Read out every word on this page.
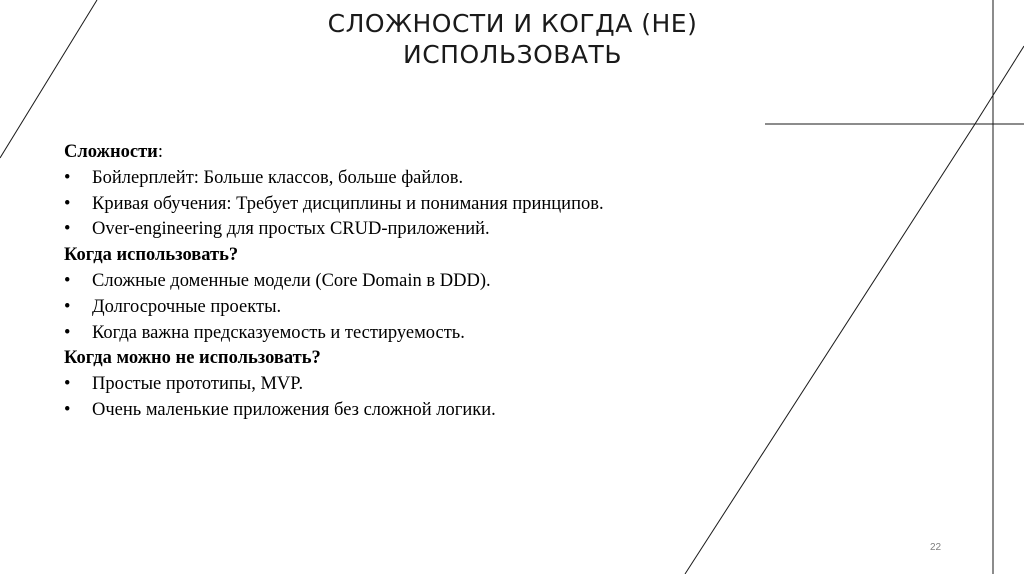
СЛОЖНОСТИ И КОГДА (НЕ)
ИСПОЛЬЗОВАТЬ
Сложности:
•	Бойлерплейт: Больше классов, больше файлов.
•	Кривая обучения: Требует дисциплины и понимания принципов.
•	Over-engineering для простых CRUD-приложений.
Когда использовать?
•	Сложные доменные модели (Core Domain в DDD).
•	Долгосрочные проекты.
•	Когда важна предсказуемость и тестируемость.
Когда можно не использовать?
•	Простые прототипы, MVP.
•	Очень маленькие приложения без сложной логики.
22
